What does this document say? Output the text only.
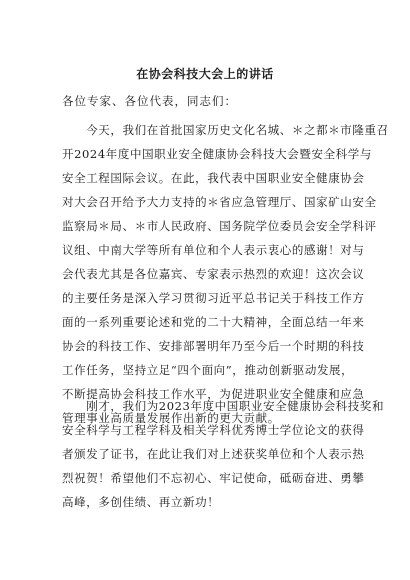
在协会科技大会上的讲话
各位专家、各位代表，同志们：
　　今天，我们在首批国家历史文化名城、＊之都＊市隆重召
开2024年度中国职业安全健康协会科技大会暨安全科学与
安全工程国际会议。在此，我代表中国职业安全健康协会
对大会召开给予大力支持的＊省应急管理厅、国家矿山安全
监察局＊局、＊市人民政府、国务院学位委员会安全学科评
议组、中南大学等所有单位和个人表示衷心的感谢！对与
会代表尤其是各位嘉宾、专家表示热烈的欢迎！这次会议
的主要任务是深入学习贯彻习近平总书记关于科技工作方
面的一系列重要论述和党的二十大精神，全面总结一年来
协会的科技工作、安排部署明年乃至今后一个时期的科技
工作任务，坚持立足“四个面向”，推动创新驱动发展，
不断提高协会科技工作水平，为促进职业安全健康和应急
管理事业高质量发展作出新的更大贡献。
　　刚才，我们为2023年度中国职业安全健康协会科技奖和
安全科学与工程学科及相关学科优秀博士学位论文的获得
者颁发了证书，在此让我们对上述获奖单位和个人表示热
烈祝贺！希望他们不忘初心、牢记使命，砥砺奋进、勇攀
高峰，多创佳绩、再立新功！
